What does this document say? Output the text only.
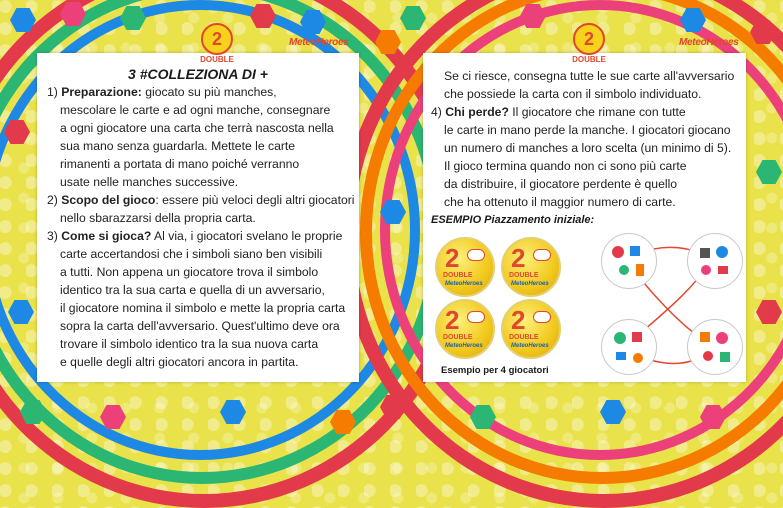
2
DOUBLE
MeteoHeroes
3 #COLLEZIONA DI +

1) Preparazione: giocato su più manches,

mescolare le carte e ad ogni manche, consegnare

a ogni giocatore una carta che terrà nascosta nella

sua mano senza guardarla. Mettete le carte

rimanenti a portata di mano poiché verranno

usate nelle manches successive.

2) Scopo del gioco: essere più veloci degli altri giocatori

nello sbarazzarsi della propria carta.

3) Come si gioca? Al via, i giocatori svelano le proprie

carte accertandosi che i simboli siano ben visibili

a tutti. Non appena un giocatore trova il simbolo

identico tra la sua carta e quella di un avversario,

il giocatore nomina il simbolo e mette la propria carta

sopra la carta dell'avversario. Quest'ultimo deve ora

trovare il simbolo identico tra la sua nuova carta

e quelle degli altri giocatori ancora in partita.

2
DOUBLE
MeteoHeroes

Se ci riesce, consegna tutte le sue carte all'avversario

che possiede la carta con il simbolo individuato.

4) Chi perde? Il giocatore che rimane con tutte

le carte in mano perde la manche. I giocatori giocano

un numero di manches a loro scelta (un minimo di 5).

Il gioco termina quando non ci sono più carte

da distribuire, il giocatore perdente è quello

che ha ottenuto il maggior numero di carte.

ESEMPIO Piazzamento iniziale:
2
DOUBLE
MeteoHeroes
2
DOUBLE
MeteoHeroes
2
DOUBLE
MeteoHeroes
2
DOUBLE
MeteoHeroes
Esempio per 4 giocatori
